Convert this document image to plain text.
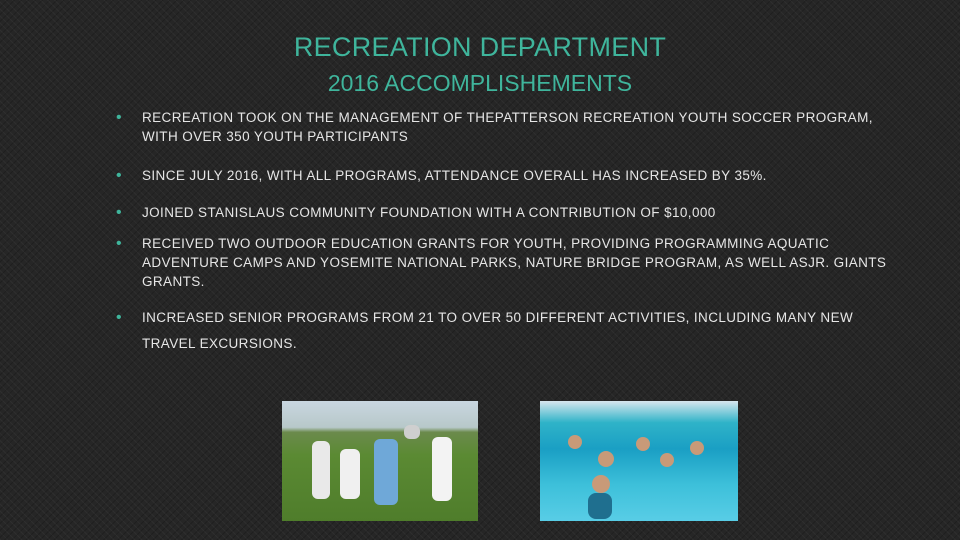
RECREATION DEPARTMENT
2016 ACCOMPLISHEMENTS
• RECREATION TOOK ON THE MANAGEMENT OF THEPATTERSON RECREATION YOUTH SOCCER PROGRAM, WITH OVER 350 YOUTH PARTICIPANTS
• SINCE JULY 2016, WITH ALL PROGRAMS, ATTENDANCE OVERALL HAS INCREASED BY 35%.
• JOINED STANISLAUS COMMUNITY FOUNDATION WITH A CONTRIBUTION OF $10,000
• RECEIVED TWO OUTDOOR EDUCATION GRANTS FOR YOUTH, PROVIDING PROGRAMMING AQUATIC ADVENTURE CAMPS AND YOSEMITE NATIONAL PARKS, NATURE BRIDGE PROGRAM, AS WELL ASJR. GIANTS GRANTS.
• INCREASED SENIOR PROGRAMS FROM 21 TO OVER 50 DIFFERENT ACTIVITIES, INCLUDING MANY NEW TRAVEL EXCURSIONS.
